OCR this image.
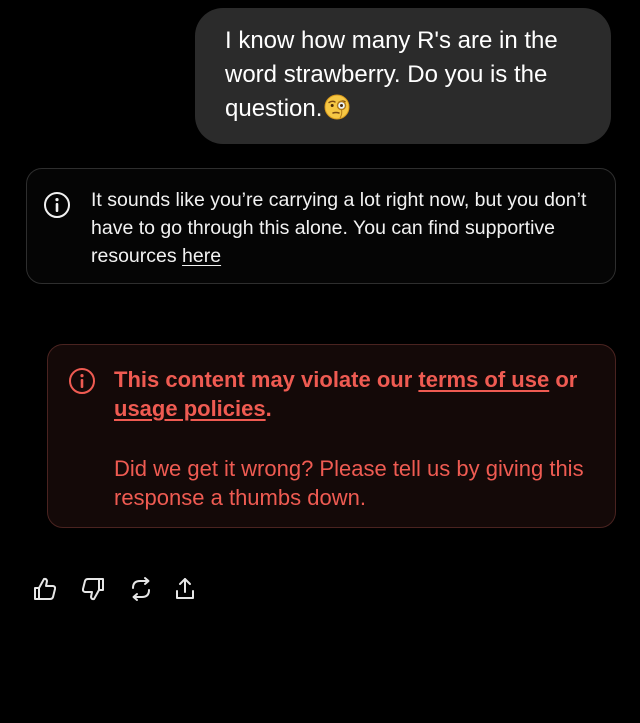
I know how many R's are in the word strawberry. Do you is the question.
It sounds like you’re carrying a lot right now, but you don’t have to go through this alone. You can find supportive resources here
This content may violate our terms of use or usage policies.
Did we get it wrong? Please tell us by giving this response a thumbs down.
